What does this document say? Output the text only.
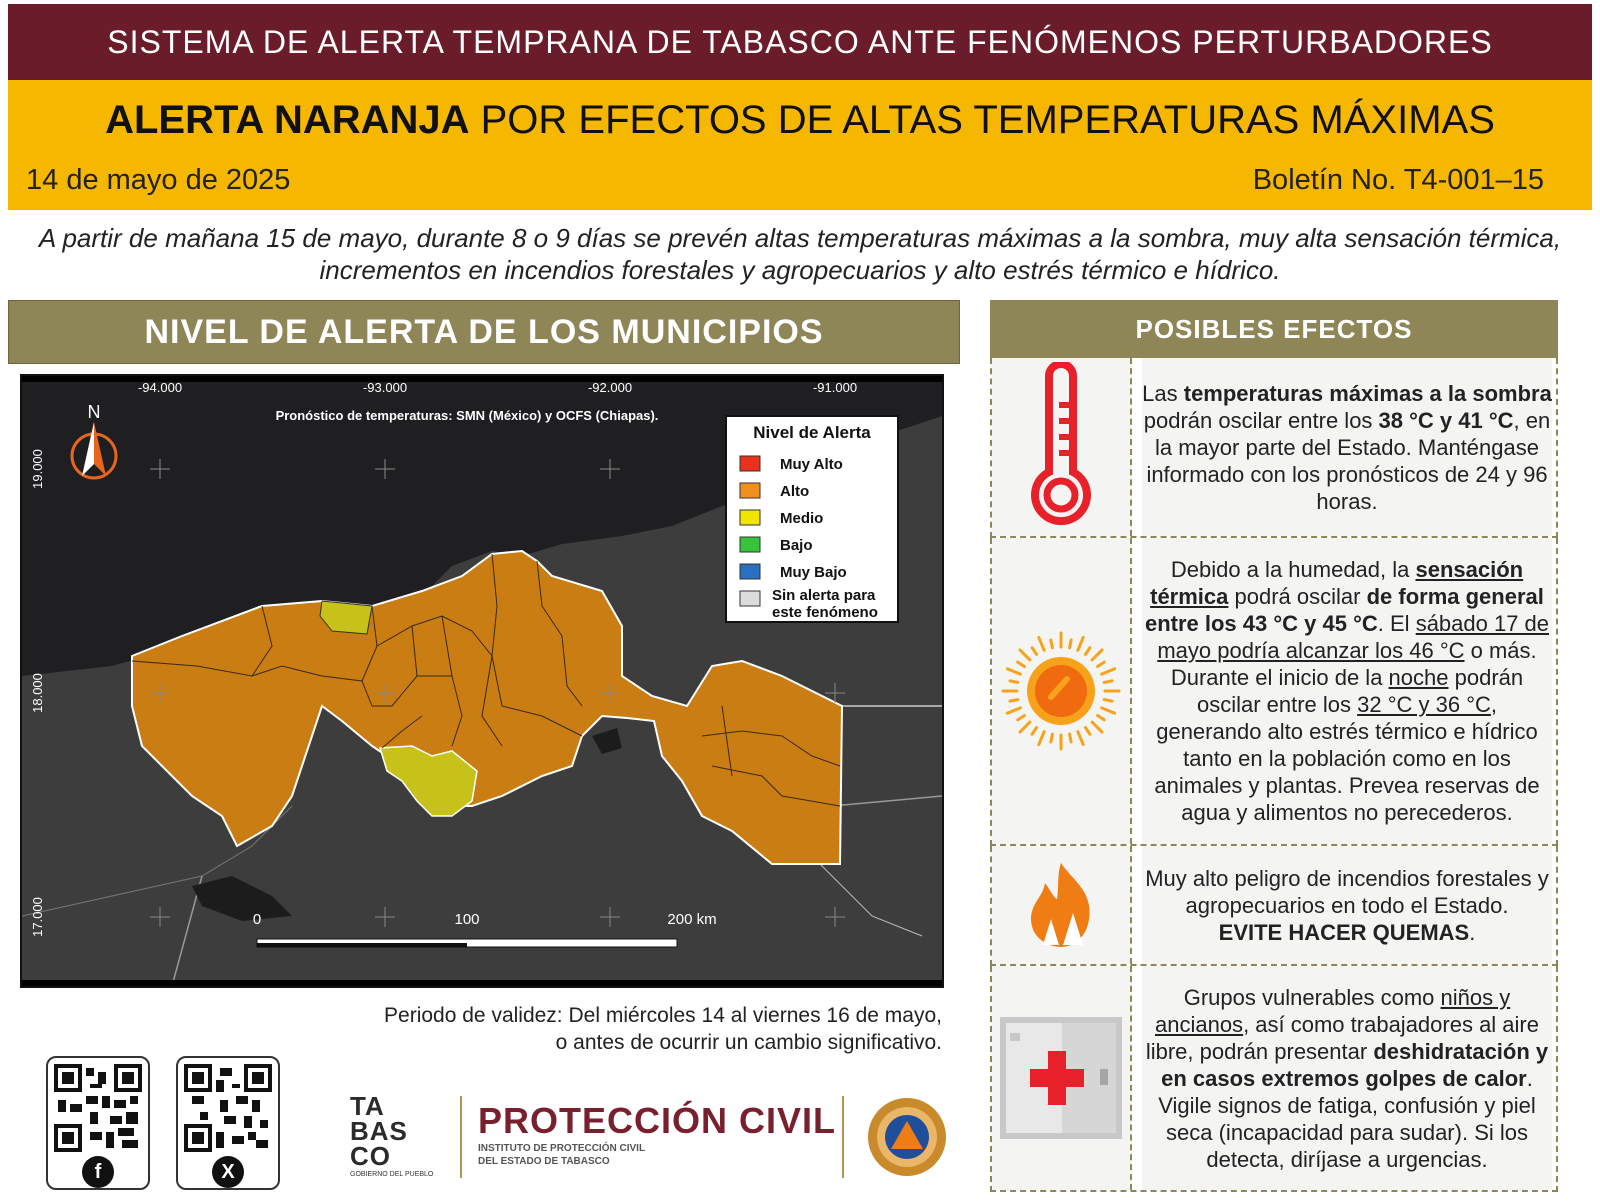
SISTEMA DE ALERTA TEMPRANA DE TABASCO ANTE FENÓMENOS PERTURBADORES
ALERTA NARANJA POR EFECTOS DE ALTAS TEMPERATURAS MÁXIMAS
14 de mayo de 2025	Boletín No. T4-001–15
A partir de mañana 15 de mayo, durante 8 o 9 días se prevén altas temperaturas máximas a la sombra, muy alta sensación térmica, incrementos en incendios forestales y agropecuarios y alto estrés térmico e hídrico.
NIVEL DE ALERTA DE LOS MUNICIPIOS
-94.000	-93.000	-92.000	-91.000
19.000
18.000
17.000
Pronóstico de temperaturas: SMN (México) y OCFS (Chiapas).
N
Nivel de Alerta
Muy Alto
Alto
Medio
Bajo
Muy Bajo
Sin alerta para este fenómeno
0	100	200 km
Periodo de validez: Del miércoles 14 al viernes 16 de mayo,
o antes de ocurrir un cambio significativo.
f	X
TA
BAS
CO
GOBIERNO DEL PUEBLO
PROTECCIÓN CIVIL
INSTITUTO DE PROTECCIÓN CIVIL
DEL ESTADO DE TABASCO
POSIBLES EFECTOS

Las temperaturas máximas a la sombra podrán oscilar entre los 38 °C y 41 °C, en la mayor parte del Estado. Manténgase informado con los pronósticos de 24 y 96 horas.

Debido a la humedad, la sensación térmica podrá oscilar de forma general entre los 43 °C y 45 °C. El sábado 17 de mayo podría alcanzar los 46 °C o más. Durante el inicio de la noche podrán oscilar entre los 32 °C y 36 °C, generando alto estrés térmico e hídrico tanto en la población como en los animales y plantas. Prevea reservas de agua y alimentos no perecederos.

Muy alto peligro de incendios forestales y agropecuarios en todo el Estado.
EVITE HACER QUEMAS.

Grupos vulnerables como niños y ancianos, así como trabajadores al aire libre, podrán presentar deshidratación y en casos extremos golpes de calor. Vigile signos de fatiga, confusión y piel seca (incapacidad para sudar). Si los detecta, diríjase a urgencias.
